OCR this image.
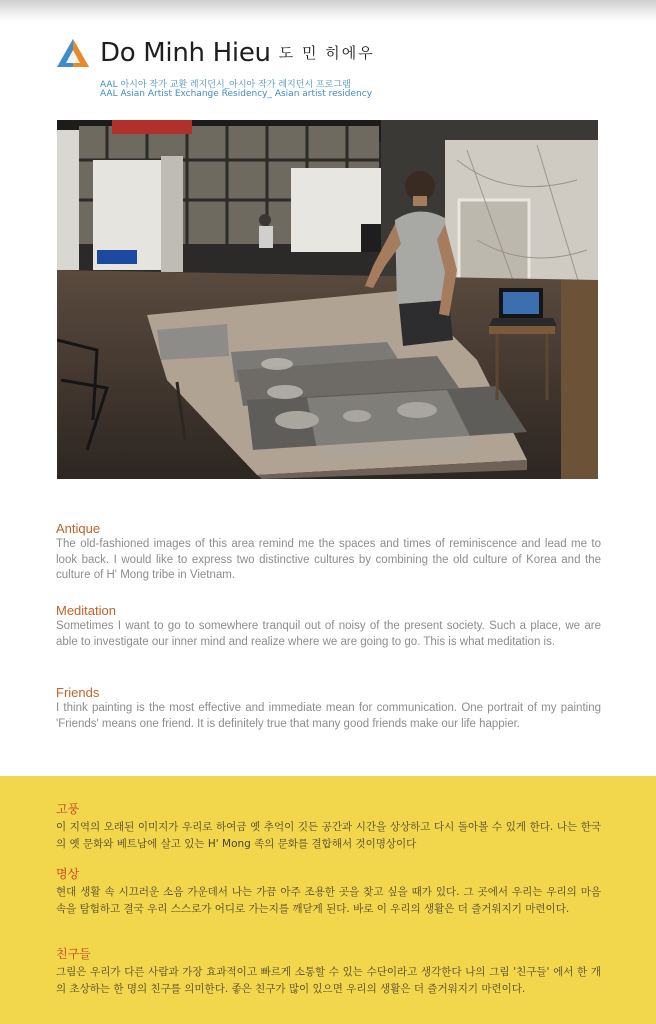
Do Minh Hieu 도 민 히에우
AAL 아시아 작가 교환 레지던시_아시아 작가 레지던시 프로그램
AAL Asian Artist Exchange Residency_ Asian artist residency

Antique

The old-fashioned images of this area remind me the spaces and times of reminiscence and lead me to look back. I would like to express two distinctive cultures by combining the old culture of Korea and the culture of H' Mong tribe in Vietnam.

Meditation

Sometimes I want to go to somewhere tranquil out of noisy of the present society. Such a place, we are able to investigate our inner mind and realize where we are going to go. This is what meditation is.

Friends

I think painting is the most effective and immediate mean for communication. One portrait of my painting 'Friends' means one friend. It is definitely true that many good friends make our life happier.

고풍

이 지역의 오래된 이미지가 우리로 하여금 옛 추억이 깃든 공간과 시간을 상상하고 다시 돌아볼 수 있게 한다. 나는 한국의 옛 문화와 베트남에 살고 있는 H' Mong 족의 문화를 결합해서 것이명상이다

명상

현대 생활 속 시끄러운 소음 가운데서 나는 가끔 아주 조용한 곳을 찾고 싶을 때가 있다. 그 곳에서 우리는 우리의 마음 속을 탐험하고 결국 우리 스스로가 어디로 가는지를 깨닫게 된다. 바로 이 우리의 생활은 더 즐거워지기 마련이다.

친구들

그림은 우리가 다른 사람과 가장 효과적이고 빠르게 소통할 수 있는 수단이라고 생각한다 나의 그림 '친구들' 에서 한 개의 초상하는 한 명의 친구를 의미한다. 좋은 친구가 많이 있으면 우리의 생활은 더 즐거워지기 마련이다.
